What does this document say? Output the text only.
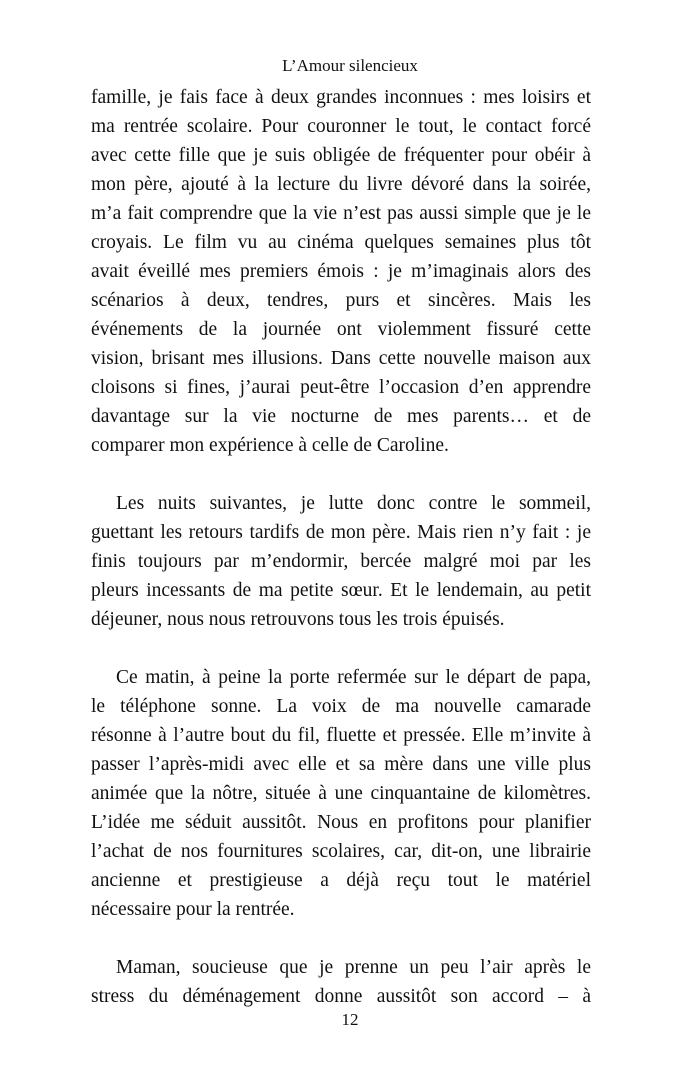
L’Amour silencieux
famille, je fais face à deux grandes inconnues : mes loisirs et
ma rentrée scolaire. Pour couronner le tout, le contact forcé
avec cette fille que je suis obligée de fréquenter pour obéir à
mon père, ajouté à la lecture du livre dévoré dans la soirée,
m’a fait comprendre que la vie n’est pas aussi simple que je le
croyais. Le film vu au cinéma quelques semaines plus tôt
avait éveillé mes premiers émois : je m’imaginais alors des
scénarios à deux, tendres, purs et sincères. Mais les
événements de la journée ont violemment fissuré cette
vision, brisant mes illusions. Dans cette nouvelle maison aux
cloisons si fines, j’aurai peut-être l’occasion d’en apprendre
davantage sur la vie nocturne de mes parents… et de
comparer mon expérience à celle de Caroline.
Les nuits suivantes, je lutte donc contre le sommeil,
guettant les retours tardifs de mon père. Mais rien n’y fait : je
finis toujours par m’endormir, bercée malgré moi par les
pleurs incessants de ma petite sœur. Et le lendemain, au petit
déjeuner, nous nous retrouvons tous les trois épuisés.
Ce matin, à peine la porte refermée sur le départ de papa,
le téléphone sonne. La voix de ma nouvelle camarade
résonne à l’autre bout du fil, fluette et pressée. Elle m’invite à
passer l’après-midi avec elle et sa mère dans une ville plus
animée que la nôtre, située à une cinquantaine de kilomètres.
L’idée me séduit aussitôt. Nous en profitons pour planifier
l’achat de nos fournitures scolaires, car, dit-on, une librairie
ancienne et prestigieuse a déjà reçu tout le matériel
nécessaire pour la rentrée.
Maman, soucieuse que je prenne un peu l’air après le
stress du déménagement donne aussitôt son accord – à
12
